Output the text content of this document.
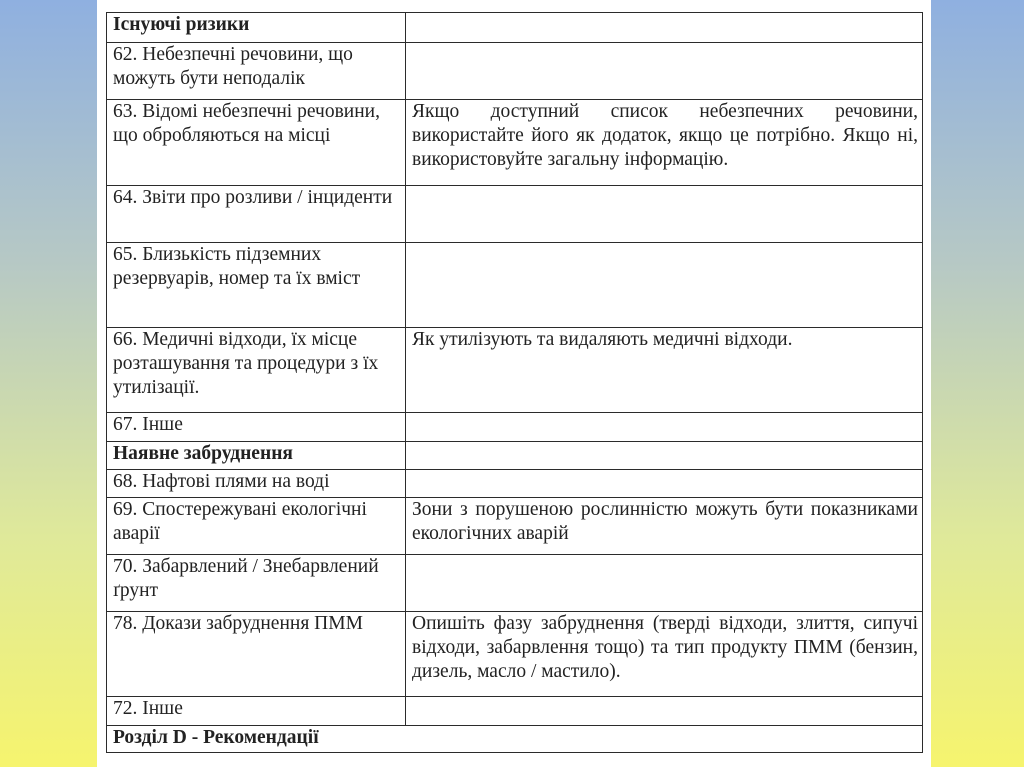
Існуючі ризики	
62. Небезпечні речовини, що можуть бути неподалік	
63. Відомі небезпечні речовини, що обробляються на місці	Якщо доступний список небезпечних речовини, використайте його як додаток, якщо це потрібно. Якщо ні, використовуйте загальну інформацію.
64. Звіти про розливи / інциденти	
65. Близькість підземних резервуарів, номер та їх вміст	
66. Медичні відходи, їх місце розташування та процедури з їх утилізації.	Як утилізують та видаляють медичні відходи.
67. Інше	
Наявне забруднення	
68. Нафтові плями на воді	
69. Спостережувані екологічні аварії	Зони з порушеною рослинністю можуть бути показниками екологічних аварій
70. Забарвлений / Знебарвлений ґрунт	
78. Докази забруднення ПММ	Опишіть фазу забруднення (тверді відходи, злиття, сипучі відходи, забарвлення тощо) та тип продукту ПММ (бензин, дизель, масло / мастило).
72. Інше	
Розділ D - Рекомендації	
